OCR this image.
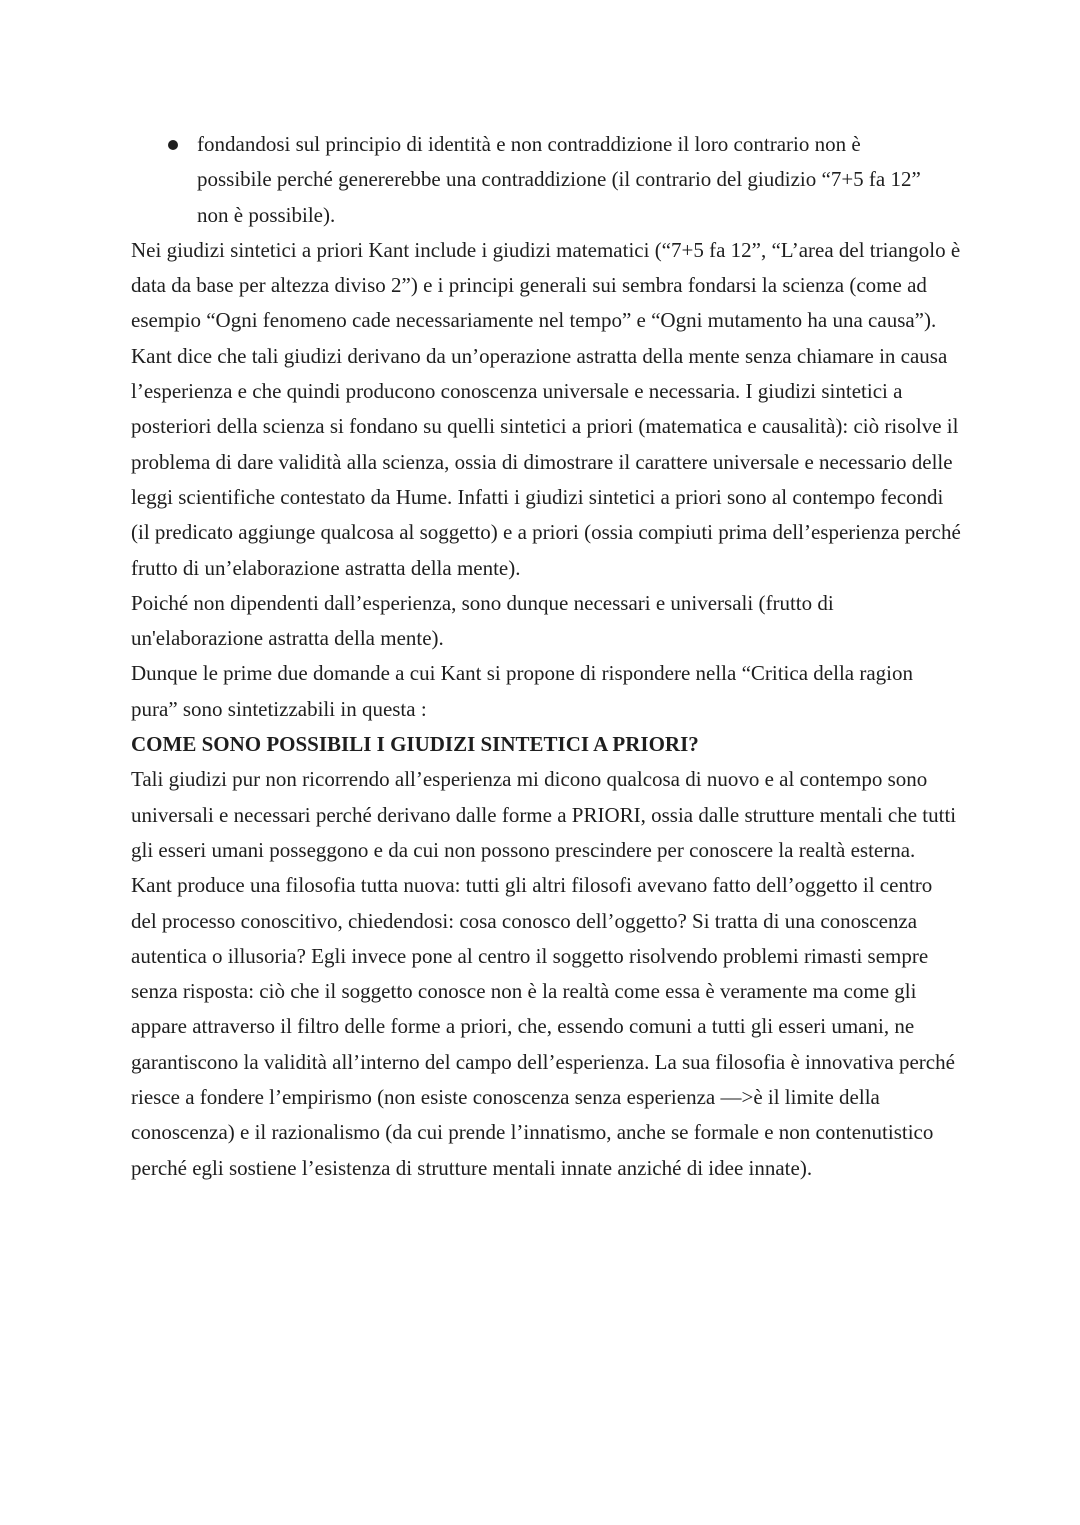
fondandosi sul principio di identità e non contraddizione il loro contrario non è possibile perché genererebbe una contraddizione (il contrario del giudizio “7+5 fa 12” non è possibile).

Nei giudizi sintetici a priori Kant include i giudizi matematici (“7+5 fa 12”, “L’area del triangolo è data da base per altezza diviso 2”) e i principi generali sui sembra fondarsi la scienza (come ad esempio “Ogni fenomeno cade necessariamente nel tempo” e “Ogni mutamento ha una causa”).

Kant dice che tali giudizi derivano da un’operazione astratta della mente senza chiamare in causa l’esperienza e che quindi producono conoscenza universale e necessaria. I giudizi sintetici a posteriori della scienza si fondano su quelli sintetici a priori (matematica e causalità): ciò risolve il problema di dare validità alla scienza, ossia di dimostrare il carattere universale e necessario delle leggi scientifiche contestato da Hume. Infatti i giudizi sintetici a priori sono al contempo fecondi (il predicato aggiunge qualcosa al soggetto) e a priori (ossia compiuti prima dell’esperienza perché frutto di un’elaborazione astratta della mente).

Poiché non dipendenti dall’esperienza, sono dunque necessari e universali (frutto di un'elaborazione astratta della mente).

Dunque le prime due domande a cui Kant si propone di rispondere nella “Critica della ragion pura” sono sintetizzabili in questa :

COME SONO POSSIBILI I GIUDIZI SINTETICI A PRIORI?

Tali giudizi pur non ricorrendo all’esperienza mi dicono qualcosa di nuovo e al contempo sono universali e necessari perché derivano dalle forme a PRIORI, ossia dalle strutture mentali che tutti gli esseri umani posseggono e da cui non possono prescindere per conoscere la realtà esterna.

Kant produce una filosofia tutta nuova: tutti gli altri filosofi avevano fatto dell’oggetto il centro del processo conoscitivo, chiedendosi: cosa conosco dell’oggetto? Si tratta di una conoscenza autentica o illusoria? Egli invece pone al centro il soggetto risolvendo problemi rimasti sempre senza risposta: ciò che il soggetto conosce non è la realtà come essa è veramente ma come gli appare attraverso il filtro delle forme a priori, che, essendo comuni a tutti gli esseri umani, ne garantiscono la validità all’interno del campo dell’esperienza. La sua filosofia è innovativa perché riesce a fondere l’empirismo (non esiste conoscenza senza esperienza —>è il limite della conoscenza) e il razionalismo (da cui prende l’innatismo, anche se formale e non contenutistico perché egli sostiene l’esistenza di strutture mentali innate anziché di idee innate).
